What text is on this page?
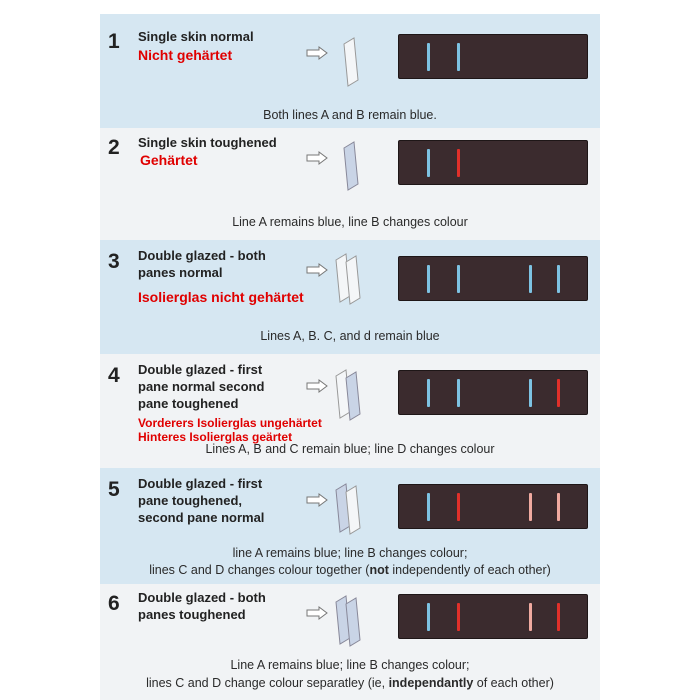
1 Single skin normal
Nicht gehärtet
Both lines A and B remain blue.
2 Single skin toughened
Gehärtet
Line A remains blue, line B changes colour
3 Double glazed - both
panes normal
Isolierglas nicht gehärtet
Lines A, B. C, and d remain blue
4 Double glazed - first
pane normal second
pane toughened
Vorderers Isolierglas ungehärtet
Hinteres Isolierglas geärtet
Lines A, B and C remain blue; line D changes colour
5 Double glazed - first
pane toughened,
second pane normal
line A remains blue; line B changes colour;
lines C and D changes colour together (not independently of each other)
6 Double glazed - both
panes toughened
Line A remains blue; line B changes colour;
lines C and D change colour separatley (ie, independantly of each other)
